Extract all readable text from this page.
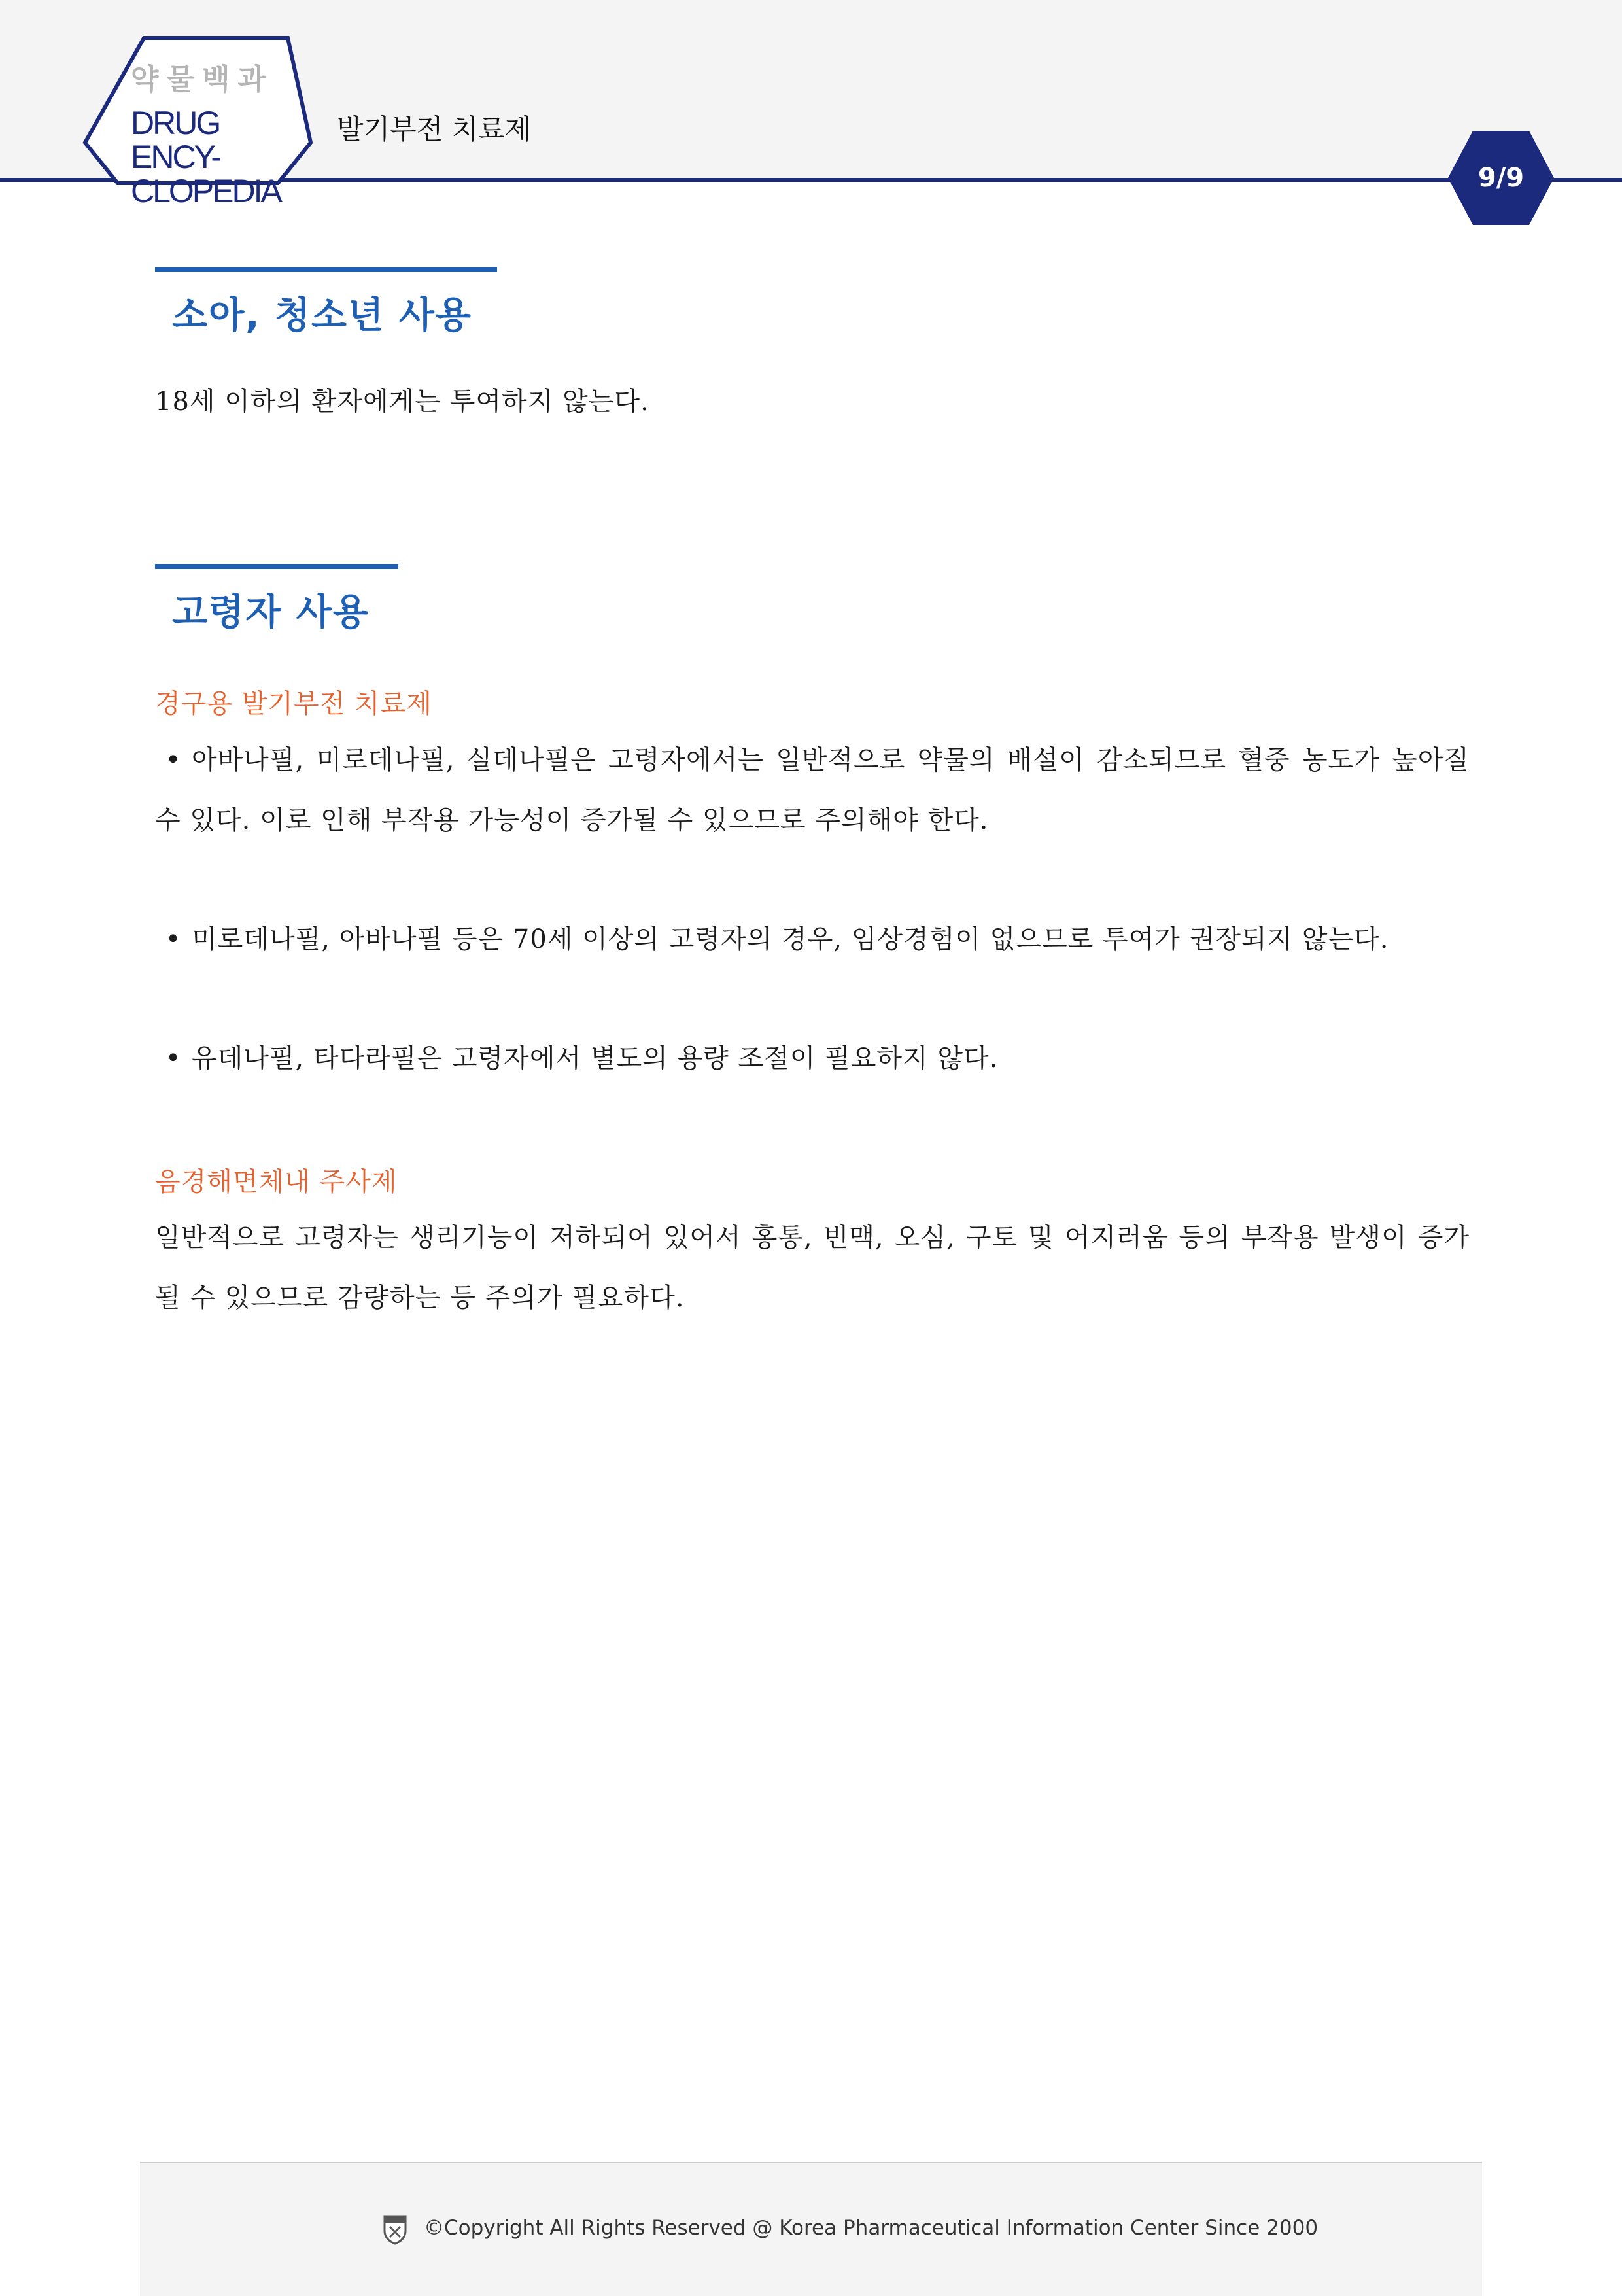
약물백과
DRUG ENCY-
CLOPEDIA
발기부전 치료제
9/9
소아, 청소년 사용
18세 이하의 환자에게는 투여하지 않는다.
고령자 사용
경구용 발기부전 치료제
• 아바나필, 미로데나필, 실데나필은 고령자에서는 일반적으로 약물의 배설이 감소되므로 혈중 농도가 높아질 수 있다. 이로 인해 부작용 가능성이 증가될 수 있으므로 주의해야 한다.
• 미로데나필, 아바나필 등은 70세 이상의 고령자의 경우, 임상경험이 없으므로 투여가 권장되지 않는다.
• 유데나필, 타다라필은 고령자에서 별도의 용량 조절이 필요하지 않다.
음경해면체내 주사제
일반적으로 고령자는 생리기능이 저하되어 있어서 홍통, 빈맥, 오심, 구토 및 어지러움 등의 부작용 발생이 증가될 수 있으므로 감량하는 등 주의가 필요하다.
©Copyright All Rights Reserved @ Korea Pharmaceutical Information Center Since 2000
